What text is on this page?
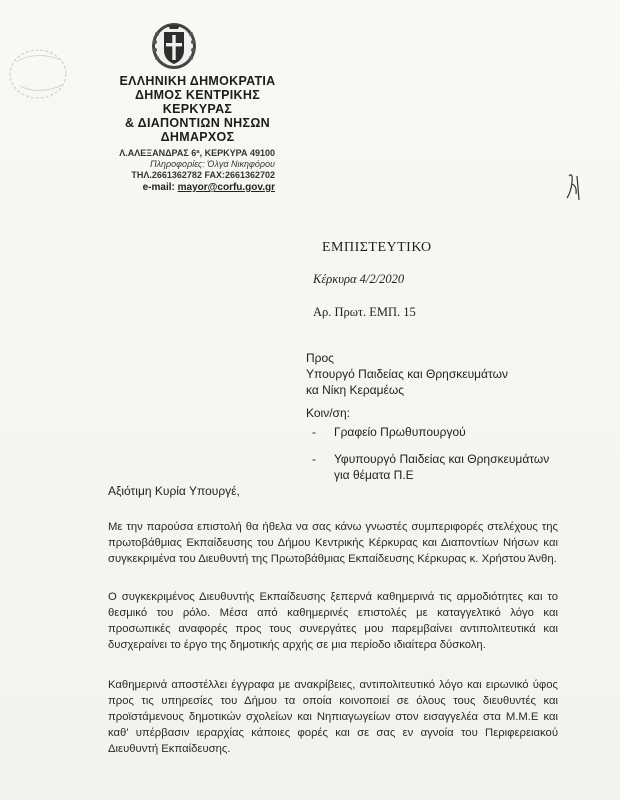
ΕΛΛΗΝΙΚΗ ΔΗΜΟΚΡΑΤΙΑ
ΔΗΜΟΣ ΚΕΝΤΡΙΚΗΣ
ΚΕΡΚΥΡΑΣ
& ΔΙΑΠΟΝΤΙΩΝ ΝΗΣΩΝ
ΔΗΜΑΡΧΟΣ
Λ.ΑΛΕΞΑΝΔΡΑΣ 6ª, ΚΕΡΚΥΡΑ 49100
Πληροφορίες: Όλγα Νικηφόρου
ΤΗΛ.2661362782 FAX:2661362702
e-mail: mayor@corfu.gov.gr
ΕΜΠΙΣΤΕΥΤΙΚΟ
Κέρκυρα 4/2/2020
Αρ. Πρωτ. ΕΜΠ. 15
Προς
Υπουργό Παιδείας και Θρησκευμάτων
κα Νίκη Κεραμέως
Κοιν/ση:
-	Γραφείο Πρωθυπουργού
-	Υφυπουργό Παιδείας και Θρησκευμάτων για θέματα Π.Ε
Αξιότιμη Κυρία Υπουργέ,
Με την παρούσα επιστολή θα ήθελα να σας κάνω γνωστές συμπεριφορές στελέχους της πρωτοβάθμιας Εκπαίδευσης του Δήμου Κεντρικής Κέρκυρας και Διαποντίων Νήσων και συγκεκριμένα του Διευθυντή της Πρωτοβάθμιας Εκπαίδευσης Κέρκυρας κ. Χρήστου Άνθη.
Ο συγκεκριμένος Διευθυντής Εκπαίδευσης ξεπερνά καθημερινά τις αρμοδιότητες και το θεσμικό του ρόλο. Μέσα από καθημερινές επιστολές με καταγγελτικό λόγο και προσωπικές αναφορές προς τους συνεργάτες μου παρεμβαίνει αντιπολιτευτικά και δυσχεραίνει το έργο της δημοτικής αρχής σε μια περίοδο ιδιαίτερα δύσκολη.
Καθημερινά αποστέλλει έγγραφα με ανακρίβειες, αντιπολιτευτικό λόγο και ειρωνικό ύφος προς τις υπηρεσίες του Δήμου τα οποία κοινοποιεί σε όλους τους διευθυντές και προϊστάμενους δημοτικών σχολείων και Νηπιαγωγείων στον εισαγγελέα στα Μ.Μ.Ε και καθ' υπέρβασιν ιεραρχίας κάποιες φορές και σε σας εν αγνοία του Περιφερειακού Διευθυντή Εκπαίδευσης.
